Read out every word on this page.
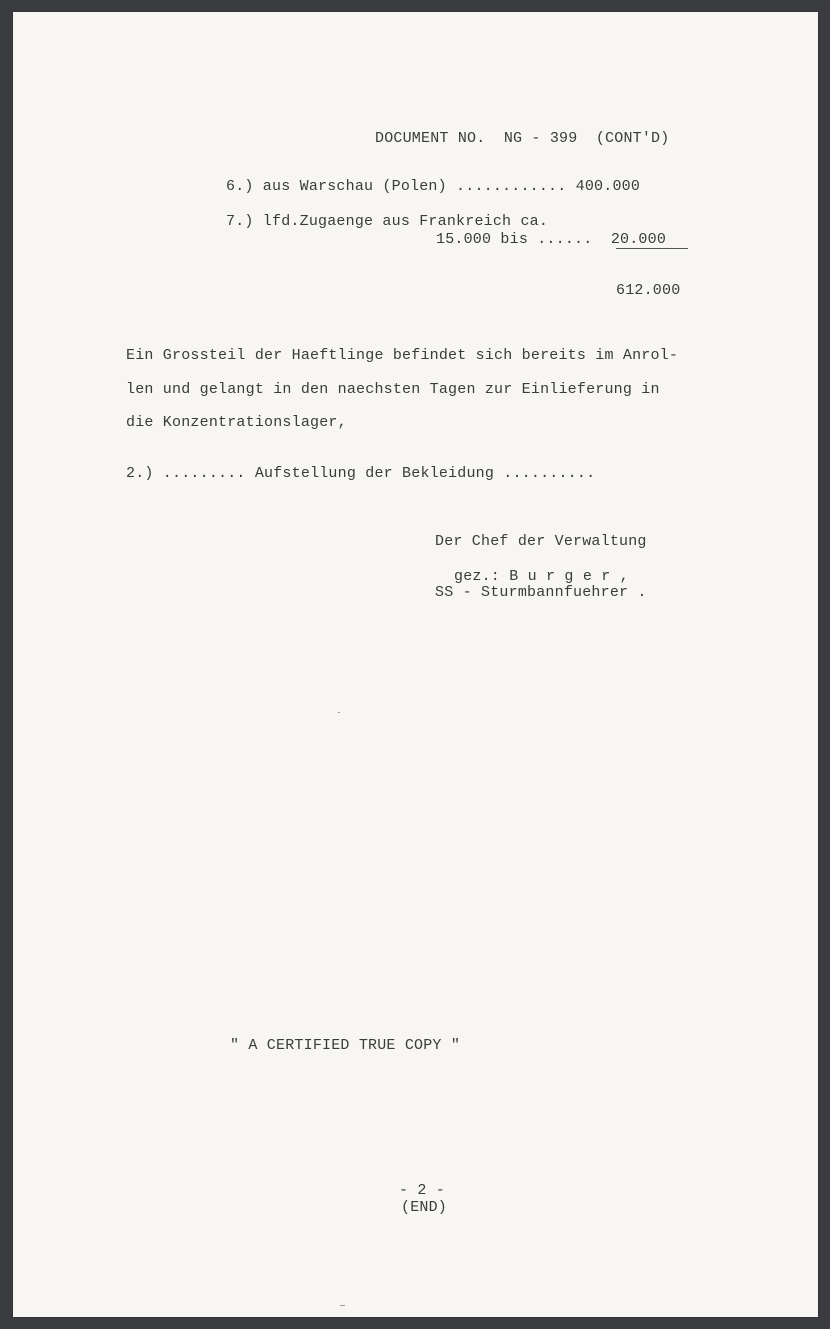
DOCUMENT NO.  NG - 399  (CONT'D)
6.) aus Warschau (Polen) ............ 400.000
7.) lfd.Zugaenge aus Frankreich ca.
15.000 bis ......  20.000
612.000
Ein Grossteil der Haeftlinge befindet sich bereits im Anrol-
len und gelangt in den naechsten Tagen zur Einlieferung in
die Konzentrationslager,
2.) ......... Aufstellung der Bekleidung ..........
Der Chef der Verwaltung
gez.: B u r g e r ,
SS - Sturmbannfuehrer .
" A CERTIFIED TRUE COPY "
- 2 -
(END)
